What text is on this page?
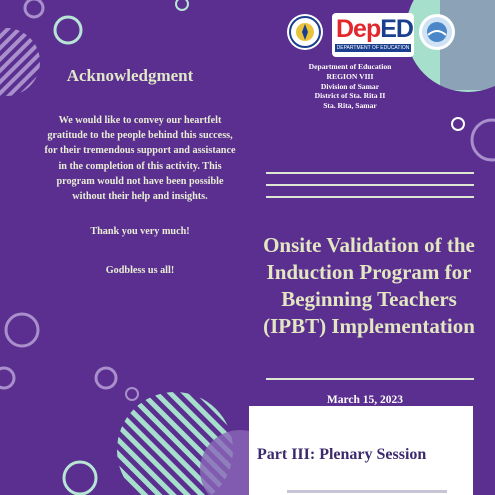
Acknowledgment
We would like to convey our heartfelt gratitude to the people behind this success, for their tremendous support and assistance in the completion of this activity. This program would not have been possible without their help and insights.
Thank you very much!
Godbless us all!
DepED
DEPARTMENT OF EDUCATION
Department of Education
REGION VIII
Division of Samar
District of Sta. Rita II
Sta. Rita, Samar
Onsite Validation of the
Induction Program for
Beginning Teachers
(IPBT) Implementation
March 15, 2023
Part III: Plenary Session
